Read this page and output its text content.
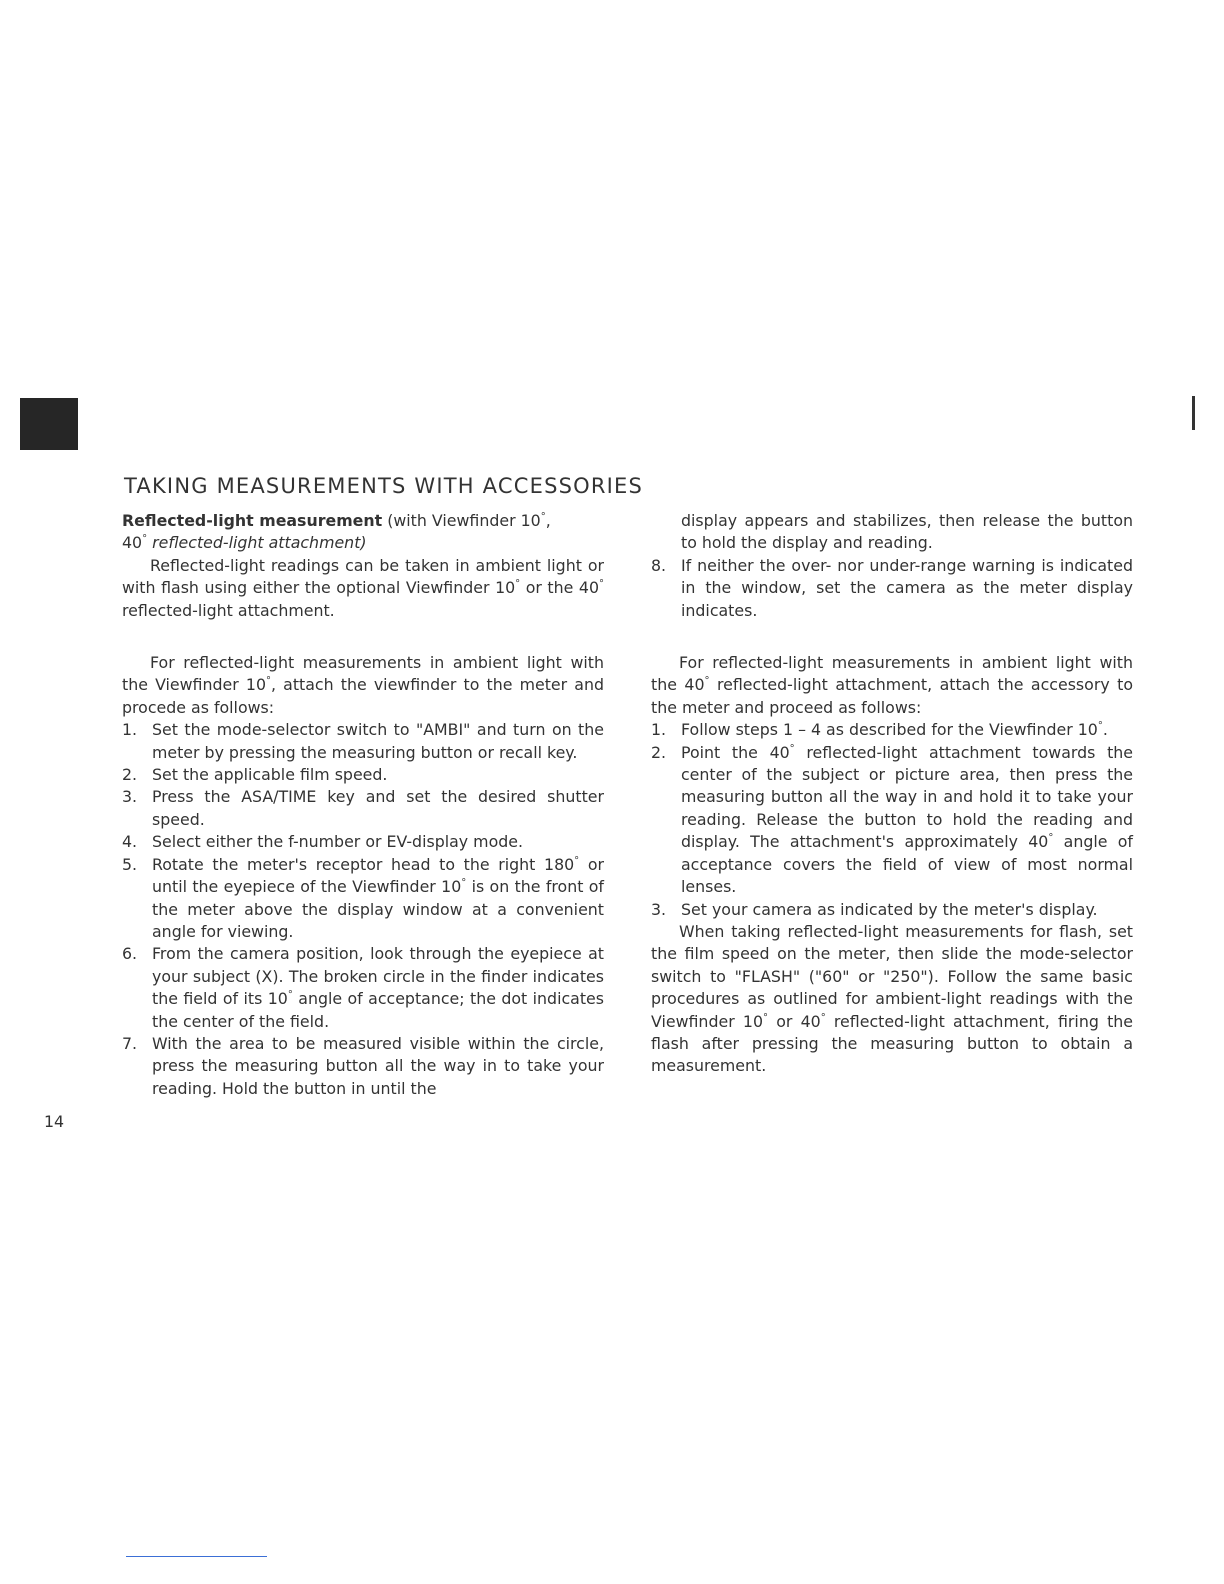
TAKING MEASUREMENTS WITH ACCESSORIES

Reflected-light measurement (with Viewfinder 10°,
40° reflected-light attachment)

Reflected-light readings can be taken in ambient light or with flash using either the optional Viewfinder 10° or the 40° reflected-light attachment.

For reflected-light measurements in ambient light with the Viewfinder 10°, attach the viewfinder to the meter and procede as follows:

1. Set the mode-selector switch to "AMBI" and turn on the meter by pressing the measuring button or recall key.
2. Set the applicable film speed.
3. Press the ASA/TIME key and set the desired shutter speed.
4. Select either the f-number or EV-display mode.
5. Rotate the meter's receptor head to the right 180° or until the eyepiece of the Viewfinder 10° is on the front of the meter above the display window at a convenient angle for viewing.
6. From the camera position, look through the eyepiece at your subject (X). The broken circle in the finder indicates the field of its 10° angle of acceptance; the dot indicates the center of the field.
7. With the area to be measured visible within the circle, press the measuring button all the way in to take your reading. Hold the button in until the

display appears and stabilizes, then release the button to hold the display and reading.

8. If neither the over- nor under-range warning is indicated in the window, set the camera as the meter display indicates.

For reflected-light measurements in ambient light with the 40° reflected-light attachment, attach the accessory to the meter and proceed as follows:

1. Follow steps 1 – 4 as described for the Viewfinder 10°.
2. Point the 40° reflected-light attachment towards the center of the subject or picture area, then press the measuring button all the way in and hold it to take your reading. Release the button to hold the reading and display. The attachment's approximately 40° angle of acceptance covers the field of view of most normal lenses.
3. Set your camera as indicated by the meter's display.

When taking reflected-light measurements for flash, set the film speed on the meter, then slide the mode-selector switch to "FLASH" ("60" or "250"). Follow the same basic procedures as outlined for ambient-light readings with the Viewfinder 10° or 40° reflected-light attachment, firing the flash after pressing the measuring button to obtain a measurement.

14
